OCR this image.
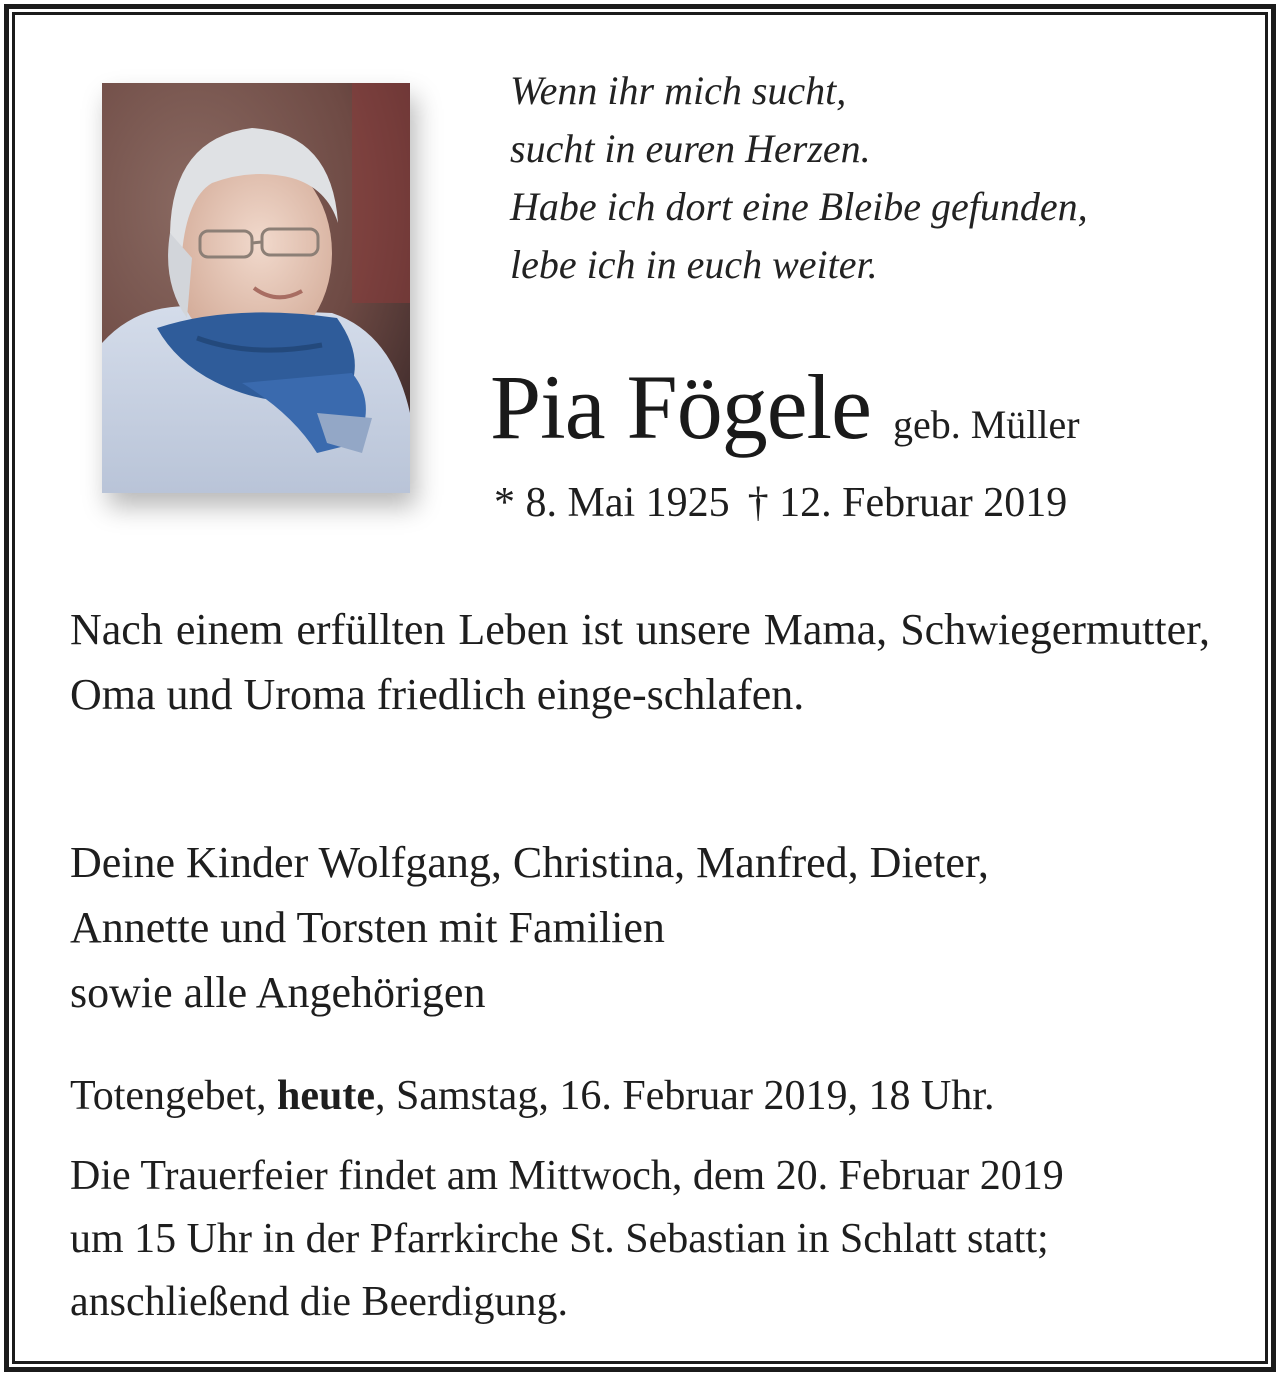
Wenn ihr mich sucht,
sucht in euren Herzen.
Habe ich dort eine Bleibe gefunden,
lebe ich in euch weiter.
Pia Fögele geb. Müller
* 8. Mai 1925 † 12. Februar 2019
Nach einem erfüllten Leben ist unsere Mama, Schwiegermutter, Oma und Uroma friedlich einge-schlafen.
Deine Kinder Wolfgang, Christina, Manfred, Dieter,
Annette und Torsten mit Familien
sowie alle Angehörigen
Totengebet, heute, Samstag, 16. Februar 2019, 18 Uhr.
Die Trauerfeier findet am Mittwoch, dem 20. Februar 2019
um 15 Uhr in der Pfarrkirche St. Sebastian in Schlatt statt;
anschließend die Beerdigung.
